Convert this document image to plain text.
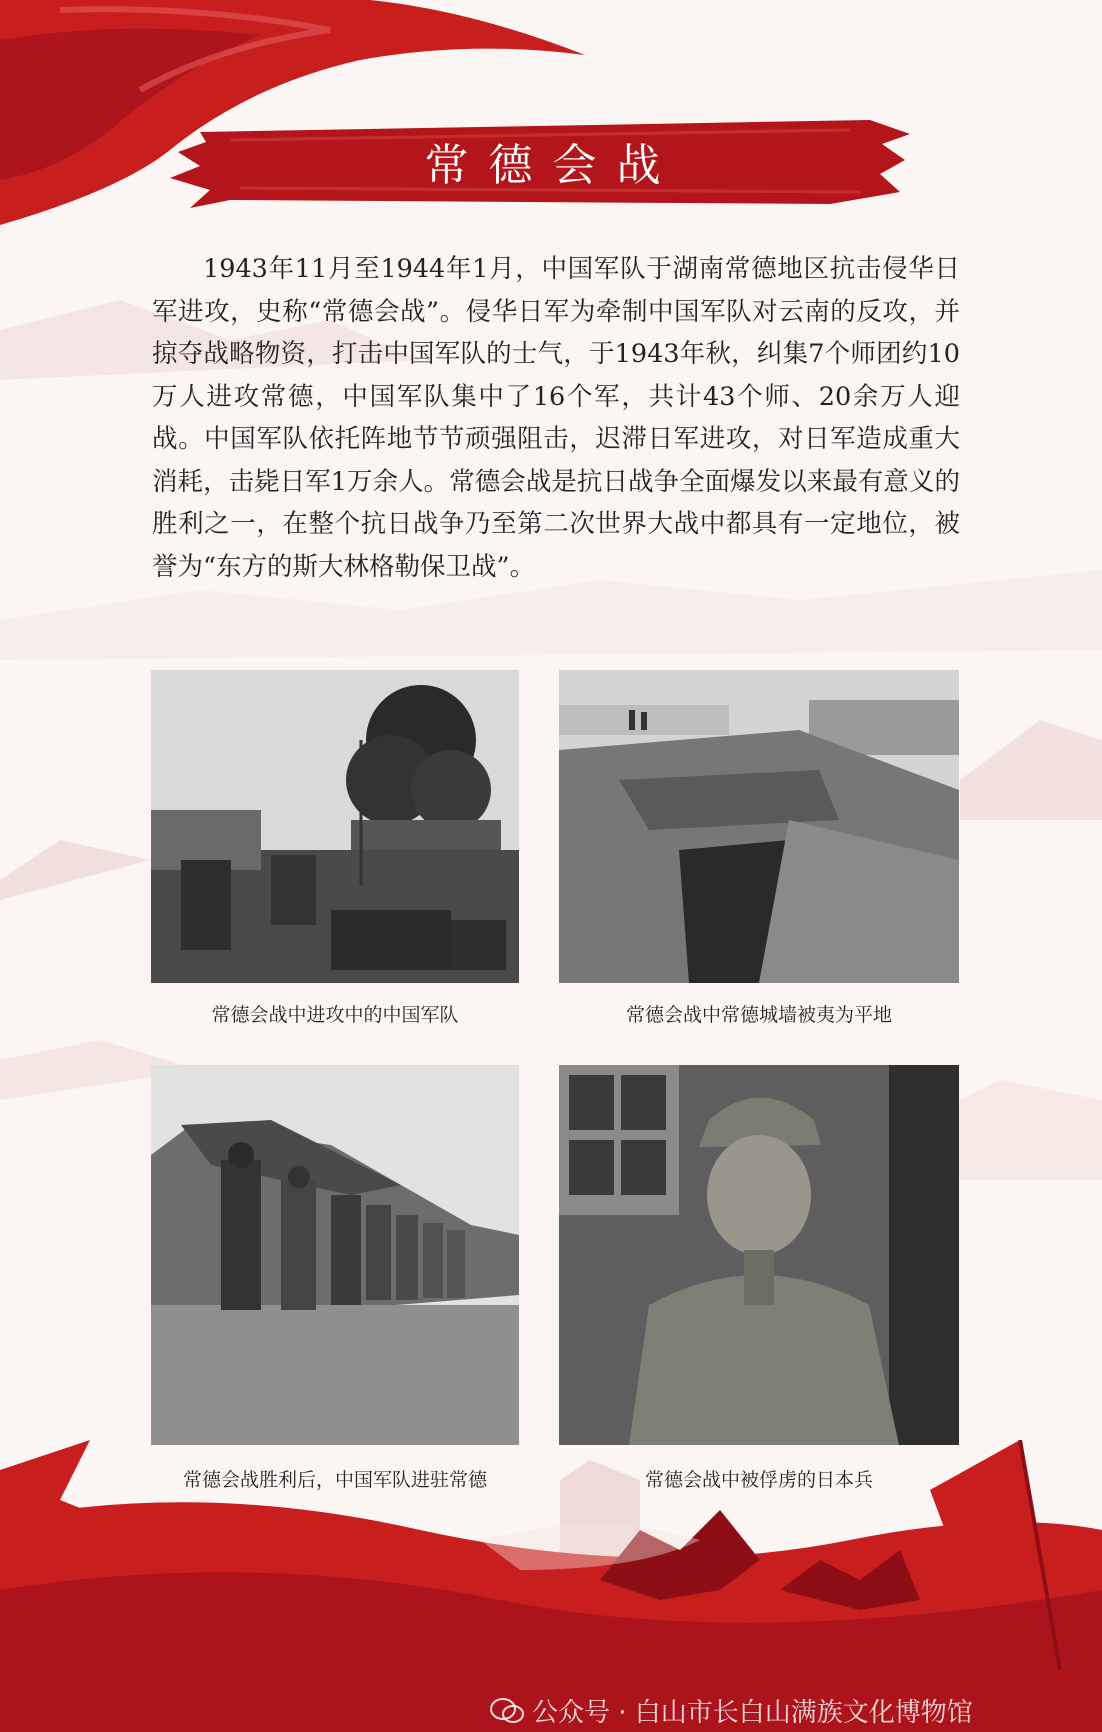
常德会战

1943年11月至1944年1月，中国军队于湖南常德地区抗击侵华日军进攻，史称“常德会战”。侵华日军为牵制中国军队对云南的反攻，并掠夺战略物资，打击中国军队的士气，于1943年秋，纠集7个师团约10万人进攻常德，中国军队集中了16个军，共计43个师、20余万人迎战。中国军队依托阵地节节顽强阻击，迟滞日军进攻，对日军造成重大消耗，击毙日军1万余人。常德会战是抗日战争全面爆发以来最有意义的胜利之一，在整个抗日战争乃至第二次世界大战中都具有一定地位，被誉为“东方的斯大林格勒保卫战”。

常德会战中进攻中的中国军队	常德会战中常德城墙被夷为平地
常德会战胜利后，中国军队进驻常德	常德会战中被俘虏的日本兵
公众号 · 白山市长白山满族文化博物馆
